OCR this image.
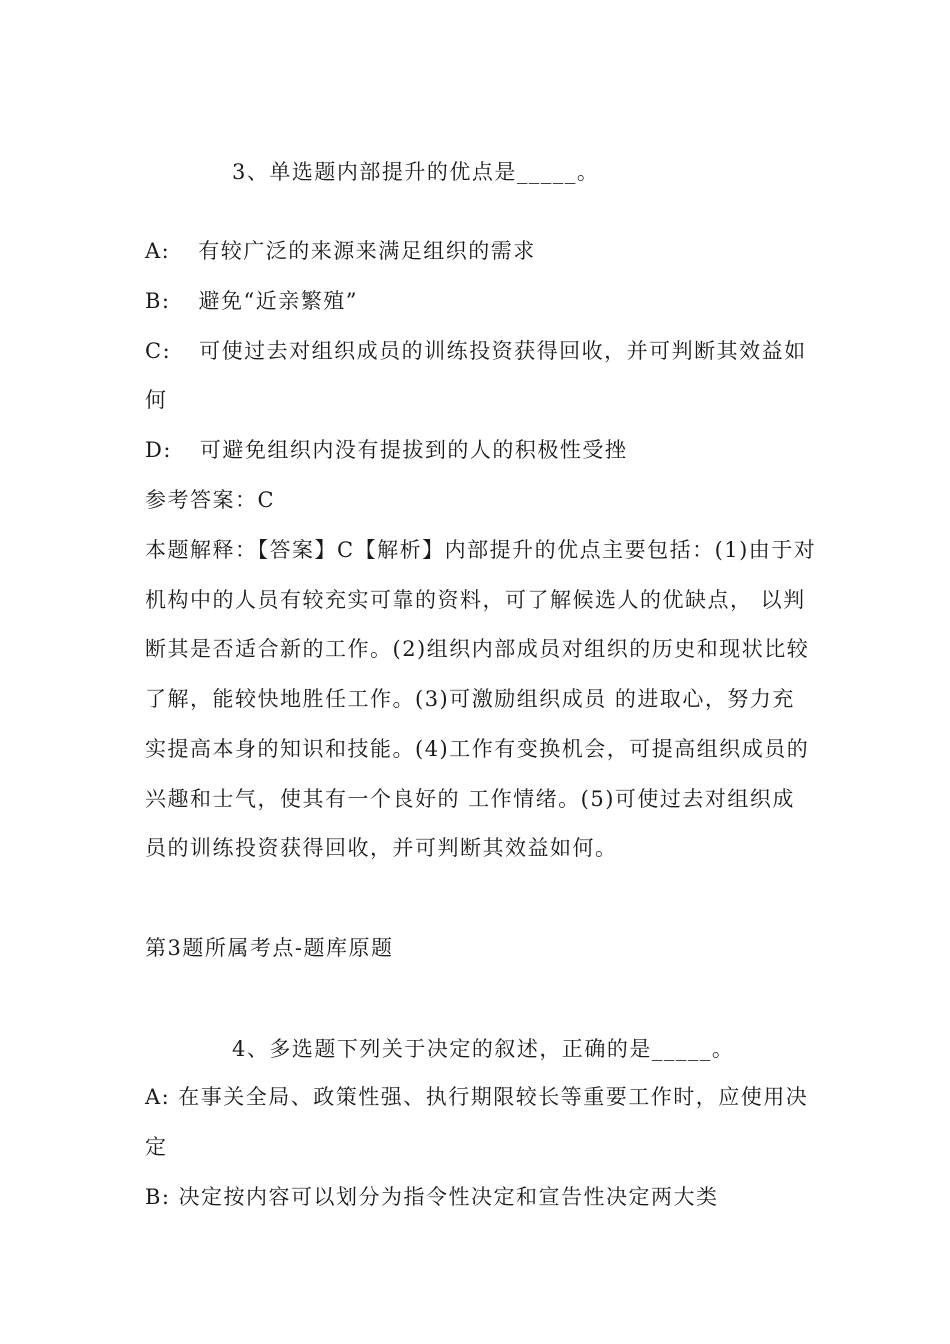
3、单选题内部提升的优点是_____。
A: 有较广泛的来源来满足组织的需求
B: 避免“近亲繁殖”
C: 可使过去对组织成员的训练投资获得回收，并可判断其效益如
何
D: 可避免组织内没有提拔到的人的积极性受挫
参考答案：C
本题解释：【答案】C【解析】内部提升的优点主要包括：(1)由于对
机构中的人员有较充实可靠的资料，可了解候选人的优缺点， 以判
断其是否适合新的工作。(2)组织内部成员对组织的历史和现状比较
了解，能较快地胜任工作。(3)可激励组织成员 的进取心，努力充
实提高本身的知识和技能。(4)工作有变换机会，可提高组织成员的
兴趣和士气，使其有一个良好的 工作情绪。(5)可使过去对组织成
员的训练投资获得回收，并可判断其效益如何。
第3题所属考点-题库原题
4、多选题下列关于决定的叙述，正确的是_____。
A: 在事关全局、政策性强、执行期限较长等重要工作时，应使用决
定
B: 决定按内容可以划分为指令性决定和宣告性决定两大类
